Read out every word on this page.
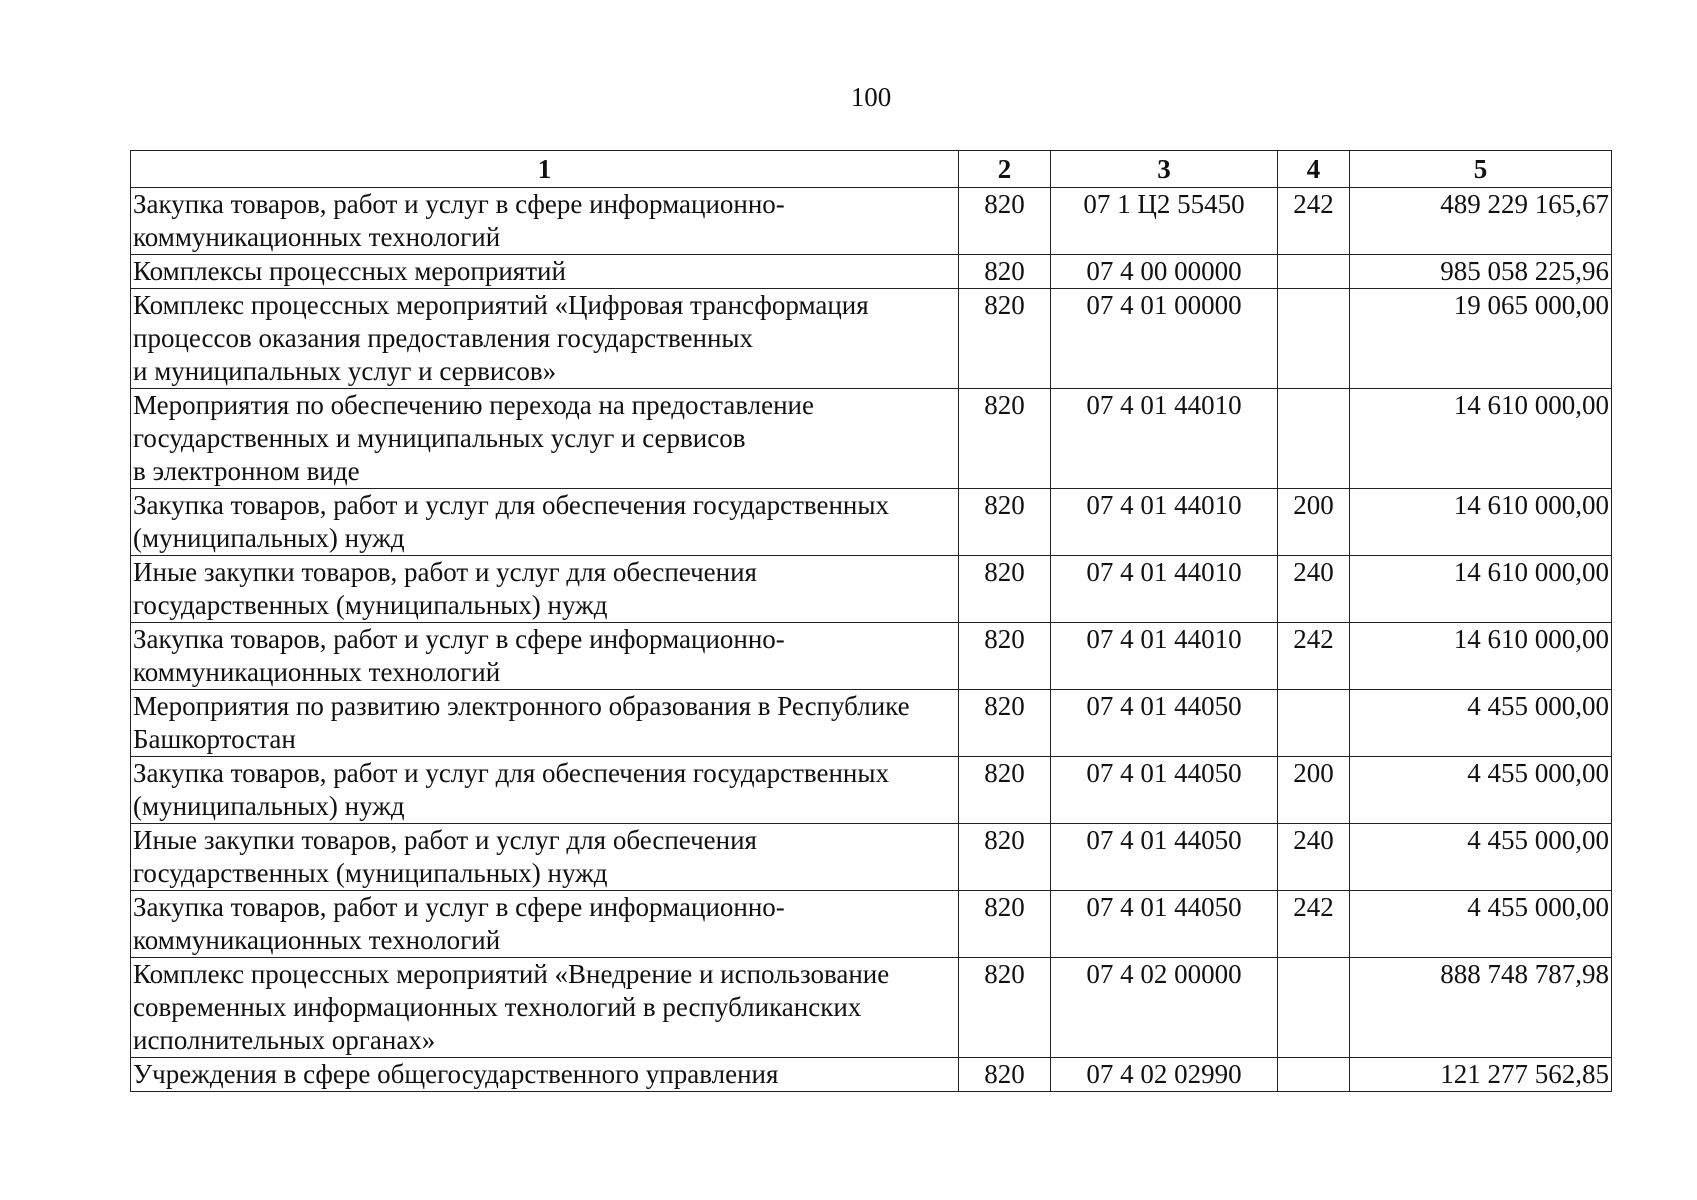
100
1	2	3	4	5

Закупка товаров, работ и услуг в сфере информационно-
коммуникационных технологий	820	07 1 Ц2 55450	242	489 229 165,67

Комплексы процессных мероприятий	820	07 4 00 00000		985 058 225,96

Комплекс процессных мероприятий «Цифровая трансформация
процессов оказания предоставления государственных
и муниципальных услуг и сервисов»	820	07 4 01 00000		19 065 000,00

Мероприятия по обеспечению перехода на предоставление
государственных и муниципальных услуг и сервисов
в электронном виде	820	07 4 01 44010		14 610 000,00

Закупка товаров, работ и услуг для обеспечения государственных
(муниципальных) нужд	820	07 4 01 44010	200	14 610 000,00

Иные закупки товаров, работ и услуг для обеспечения
государственных (муниципальных) нужд	820	07 4 01 44010	240	14 610 000,00

Закупка товаров, работ и услуг в сфере информационно-
коммуникационных технологий	820	07 4 01 44010	242	14 610 000,00

Мероприятия по развитию электронного образования в Республике
Башкортостан	820	07 4 01 44050		4 455 000,00

Закупка товаров, работ и услуг для обеспечения государственных
(муниципальных) нужд	820	07 4 01 44050	200	4 455 000,00

Иные закупки товаров, работ и услуг для обеспечения
государственных (муниципальных) нужд	820	07 4 01 44050	240	4 455 000,00

Закупка товаров, работ и услуг в сфере информационно-
коммуникационных технологий	820	07 4 01 44050	242	4 455 000,00

Комплекс процессных мероприятий «Внедрение и использование
современных информационных технологий в республиканских
исполнительных органах»	820	07 4 02 00000		888 748 787,98

Учреждения в сфере общегосударственного управления	820	07 4 02 02990		121 277 562,85
